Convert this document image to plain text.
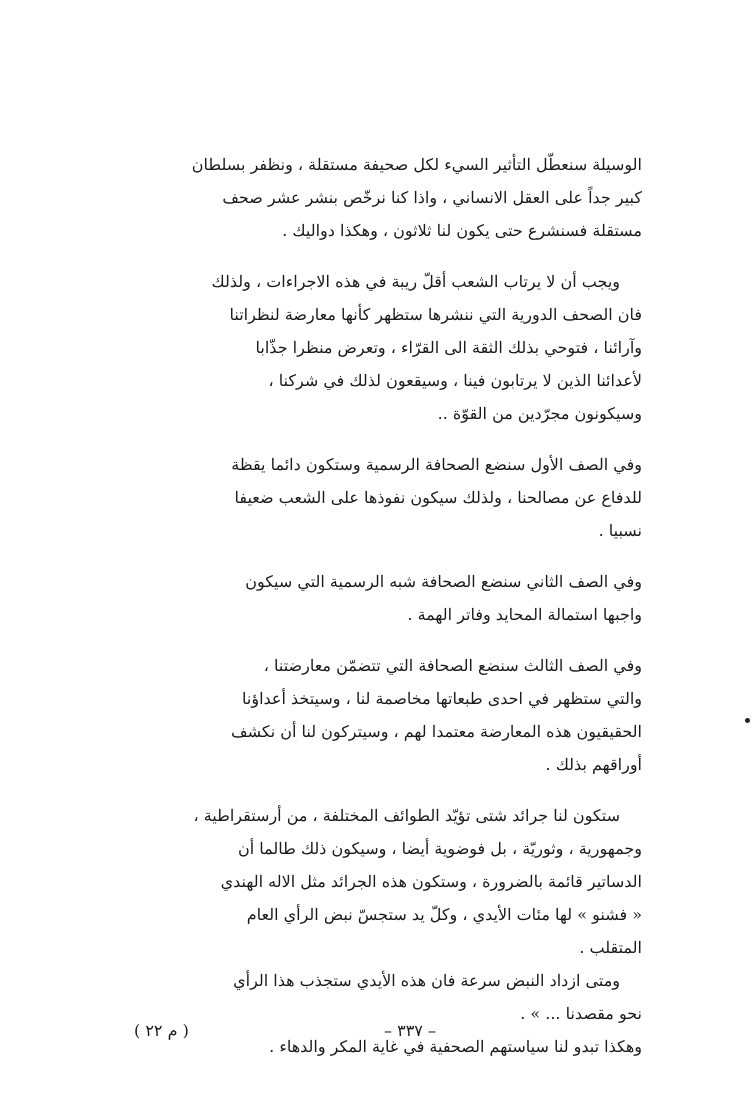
الوسيلة سنعطّل التأثير السيء لكل صحيفة مستقلة ، ونظفر بسلطان
كبير جداً على العقل الانساني ، واذا كنا نرخّص بنشر عشر صحف
مستقلة فسنشرع حتى يكون لنا ثلاثون ، وهكذا دواليك .
ويجب أن لا يرتاب الشعب أقلّ ريبة في هذه الاجراءات ، ولذلك
فان الصحف الدورية التي ننشرها ستظهر كأنها معارضة لنظراتنا
وآرائنا ، فتوحي بذلك الثقة الى القرّاء ، وتعرض منظرا جذّابا
لأعدائنا الذين لا يرتابون فينا ، وسيقعون لذلك في شركنا ،
وسيكونون مجرّدين من القوّة ..
وفي الصف الأول سنضع الصحافة الرسمية وستكون دائما يقظة
للدفاع عن مصالحنا ، ولذلك سيكون نفوذها على الشعب ضعيفا
نسبيا .
وفي الصف الثاني سنضع الصحافة شبه الرسمية التي سيكون
واجبها استمالة المحايد وفاتر الهمة .
وفي الصف الثالث سنضع الصحافة التي تتضمّن معارضتنا ،
والتي ستظهر في احدى طبعاتها مخاصمة لنا ، وسيتخذ أعداؤنا
الحقيقيون هذه المعارضة معتمدا لهم ، وسيتركون لنا أن نكشف
أوراقهم بذلك .
ستكون لنا جرائد شتى تؤيّد الطوائف المختلفة ، من أرستقراطية ،
وجمهورية ، وثوريّة ، بل فوضوية أيضا ، وسيكون ذلك طالما أن
الدساتير قائمة بالضرورة ، وستكون هذه الجرائد مثل الاله الهندي
« فشنو » لها مئات الأيدي ، وكلّ يد ستجسّ نبض الرأي العام
المتقلب .
ومتى ازداد النبض سرعة فان هذه الأيدي ستجذب هذا الرأي
نحو مقصدنا ... » .
وهكذا تبدو لنا سياستهم الصحفية في غاية المكر والدهاء .
– ٣٣٧ –
( م ٢٢ )
